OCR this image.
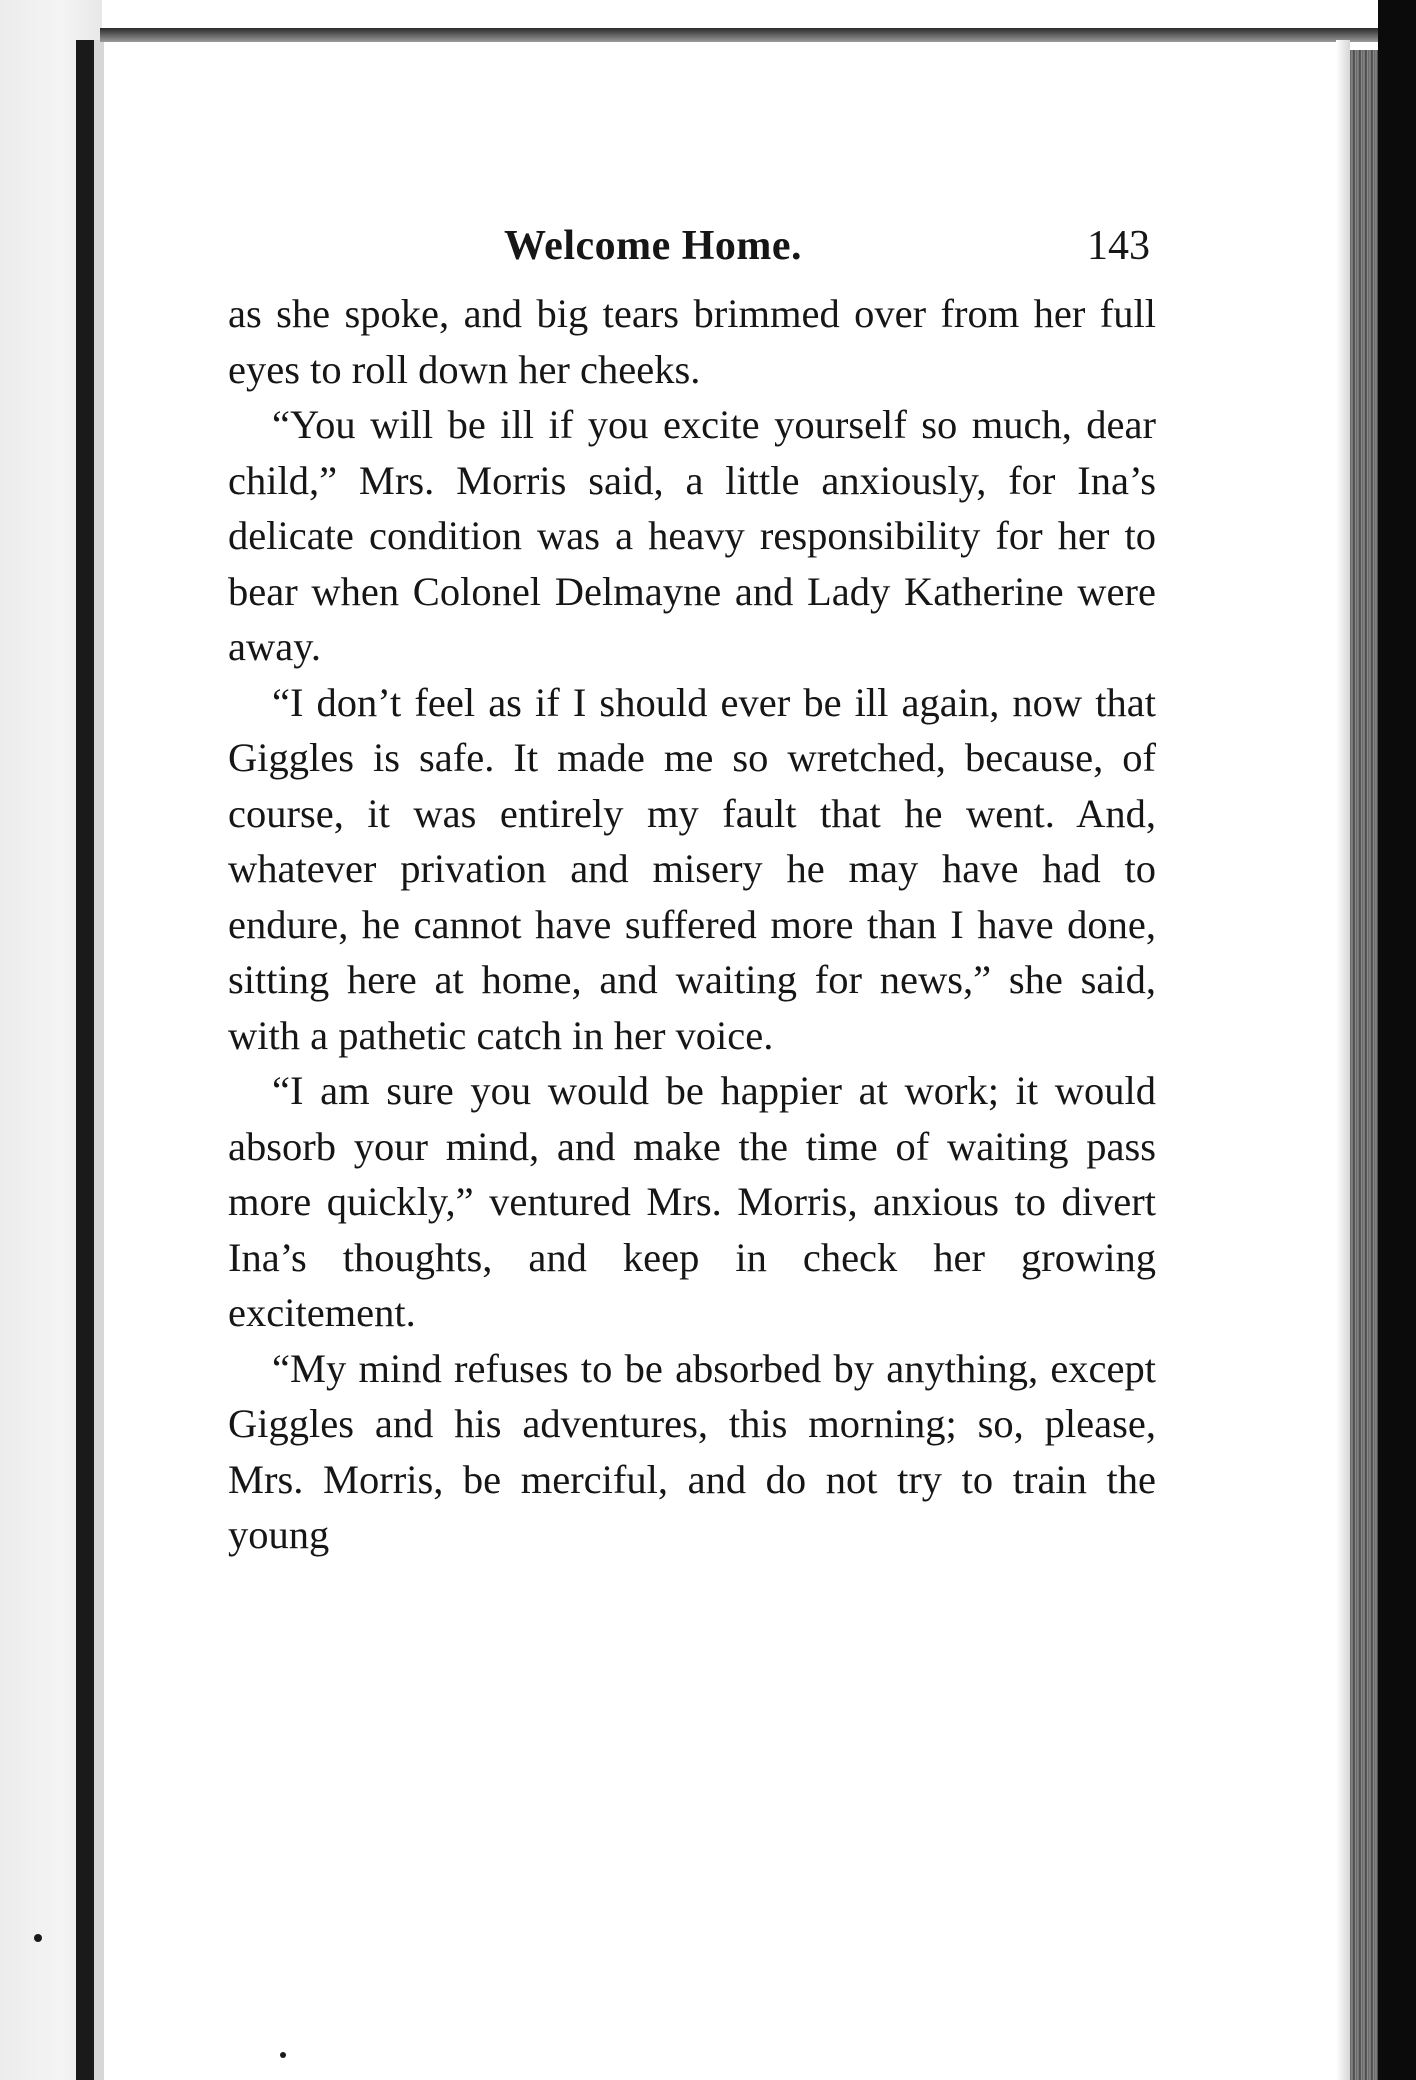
Welcome Home.	143

as she spoke, and big tears brimmed over from her full eyes to roll down her cheeks.

“You will be ill if you excite yourself so much, dear child,” Mrs. Morris said, a little anxiously, for Ina’s delicate condition was a heavy responsibility for her to bear when Colonel Delmayne and Lady Katherine were away.

“I don’t feel as if I should ever be ill again, now that Giggles is safe. It made me so wretched, because, of course, it was entirely my fault that he went. And, whatever privation and misery he may have had to endure, he cannot have suffered more than I have done, sitting here at home, and waiting for news,” she said, with a pathetic catch in her voice.

“I am sure you would be happier at work; it would absorb your mind, and make the time of waiting pass more quickly,” ventured Mrs. Morris, anxious to divert Ina’s thoughts, and keep in check her growing excitement.

“My mind refuses to be absorbed by anything, except Giggles and his adventures, this morning; so, please, Mrs. Morris, be merciful, and do not try to train the young
